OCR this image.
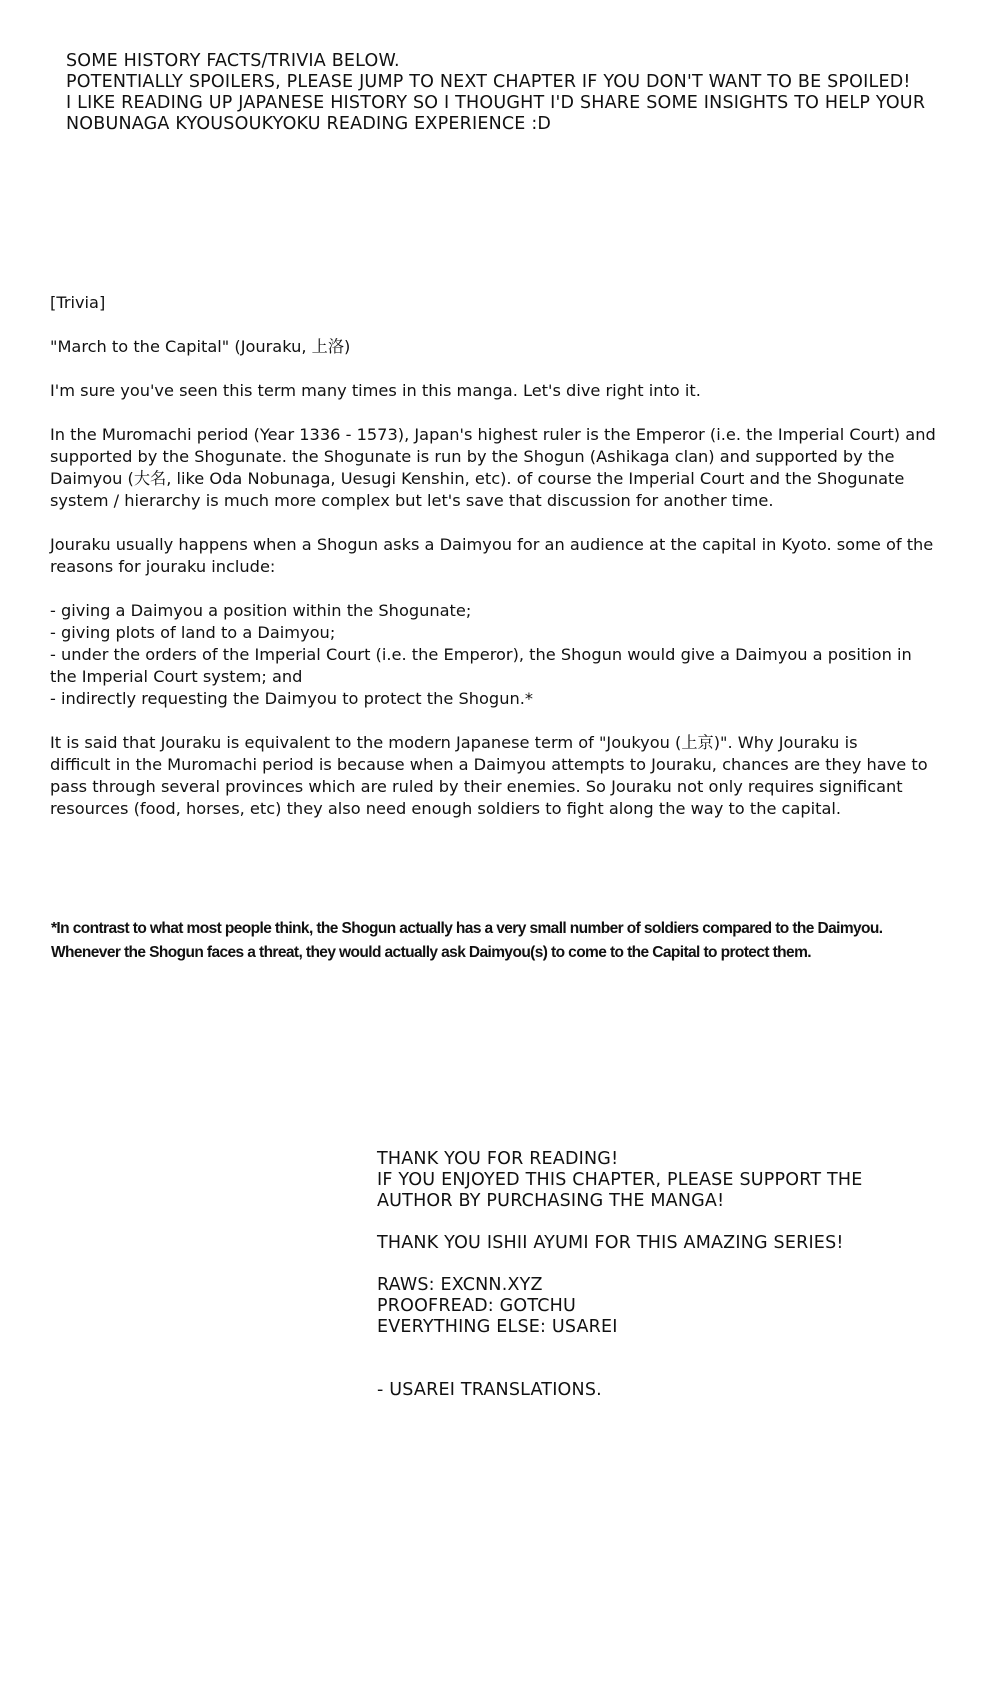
SOME HISTORY FACTS/TRIVIA BELOW.
POTENTIALLY SPOILERS, PLEASE JUMP TO NEXT CHAPTER IF YOU DON'T WANT TO BE SPOILED!
I LIKE READING UP JAPANESE HISTORY SO I THOUGHT I'D SHARE SOME INSIGHTS TO HELP YOUR
NOBUNAGA KYOUSOUKYOKU READING EXPERIENCE :D

[Trivia]

"March to the Capital" (Jouraku, 上洛)

I'm sure you've seen this term many times in this manga. Let's dive right into it.

In the Muromachi period (Year 1336 - 1573), Japan's highest ruler is the Emperor (i.e. the Imperial Court) and

supported by the Shogunate. the Shogunate is run by the Shogun (Ashikaga clan) and supported by the

Daimyou (大名, like Oda Nobunaga, Uesugi Kenshin, etc). of course the Imperial Court and the Shogunate

system / hierarchy is much more complex but let's save that discussion for another time.

Jouraku usually happens when a Shogun asks a Daimyou for an audience at the capital in Kyoto. some of the

reasons for jouraku include:

- giving a Daimyou a position within the Shogunate;

- giving plots of land to a Daimyou;

- under the orders of the Imperial Court (i.e. the Emperor), the Shogun would give a Daimyou a position in

the Imperial Court system; and

- indirectly requesting the Daimyou to protect the Shogun.*

It is said that Jouraku is equivalent to the modern Japanese term of "Joukyou (上京)". Why Jouraku is

difficult in the Muromachi period is because when a Daimyou attempts to Jouraku, chances are they have to

pass through several provinces which are ruled by their enemies. So Jouraku not only requires significant

resources (food, horses, etc) they also need enough soldiers to fight along the way to the capital.

*In contrast to what most people think, the Shogun actually has a very small number of soldiers compared to the Daimyou.
Whenever the Shogun faces a threat, they would actually ask Daimyou(s) to come to the Capital to protect them.
THANK YOU FOR READING!
IF YOU ENJOYED THIS CHAPTER, PLEASE SUPPORT THE
AUTHOR BY PURCHASING THE MANGA!
THANK YOU ISHII AYUMI FOR THIS AMAZING SERIES!
RAWS: EXCNN.XYZ
PROOFREAD: GOTCHU
EVERYTHING ELSE: USAREI
- USAREI TRANSLATIONS.
